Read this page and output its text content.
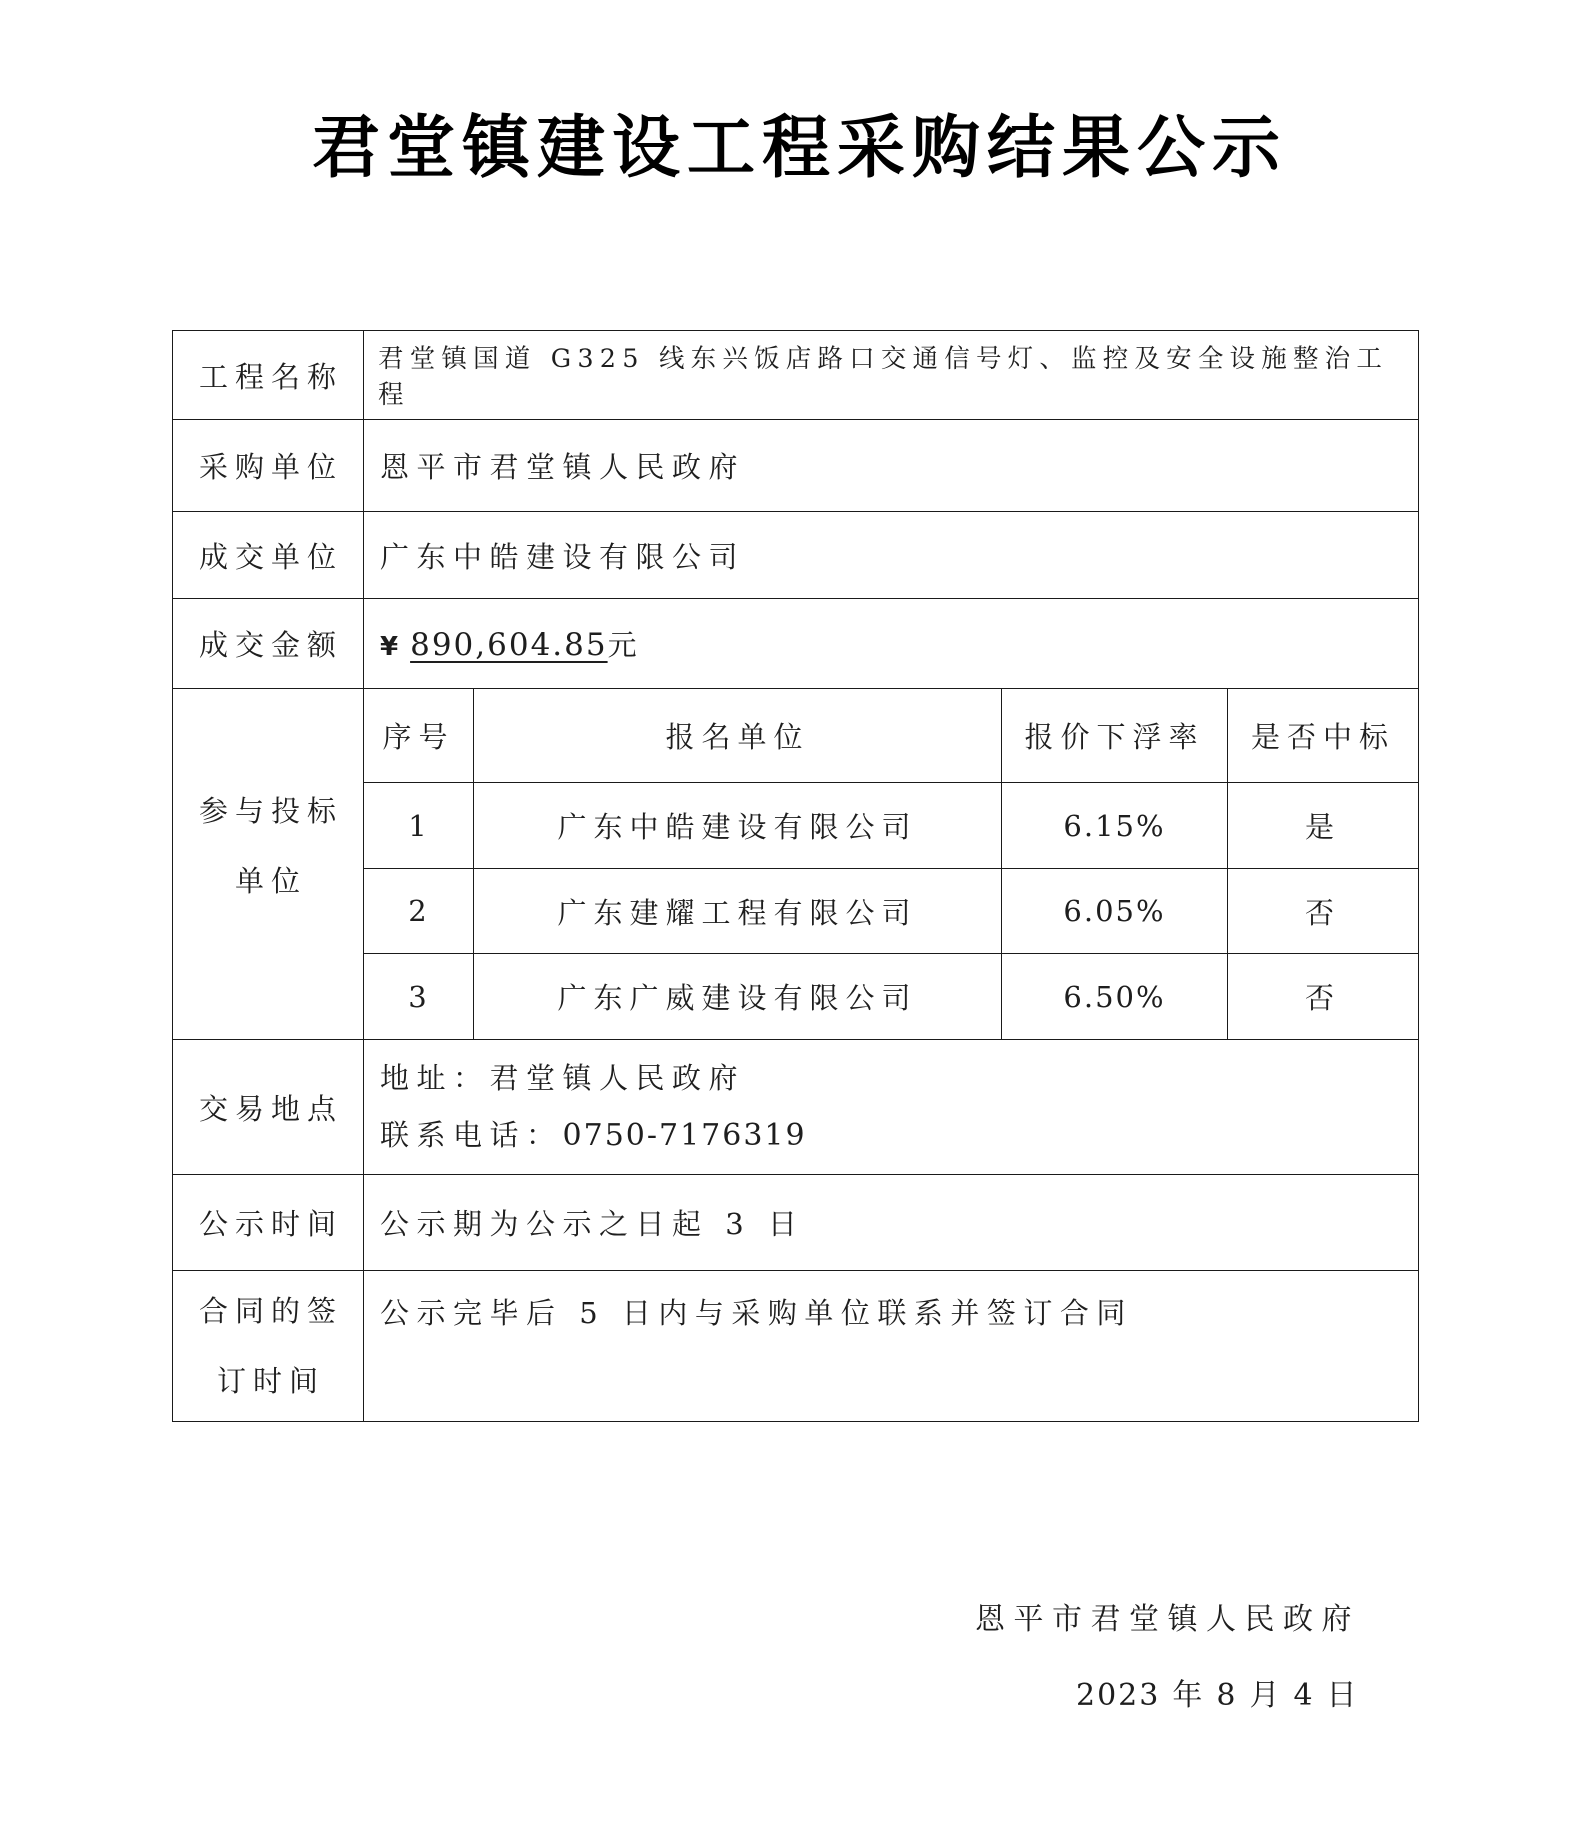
君堂镇建设工程采购结果公示
工程名称	君堂镇国道 G325 线东兴饭店路口交通信号灯、监控及安全设施整治工程			
采购单位	恩平市君堂镇人民政府			
成交单位	广东中皓建设有限公司			
成交金额	¥ 890,604.85元			

参与投标
单位	序号	报名单位	报价下浮率	是否中标
	1	广东中皓建设有限公司	6.15%	是
	2	广东建耀工程有限公司	6.05%	否
	3	广东广威建设有限公司	6.50%	否
交易地点	地址：君堂镇人民政府
联系电话：0750-7176319			

公示时间	公示期为公示之日起 3 日			

合同的签
订时间	公示完毕后 5 日内与采购单位联系并签订合同			
恩平市君堂镇人民政府
2023 年 8 月 4 日
